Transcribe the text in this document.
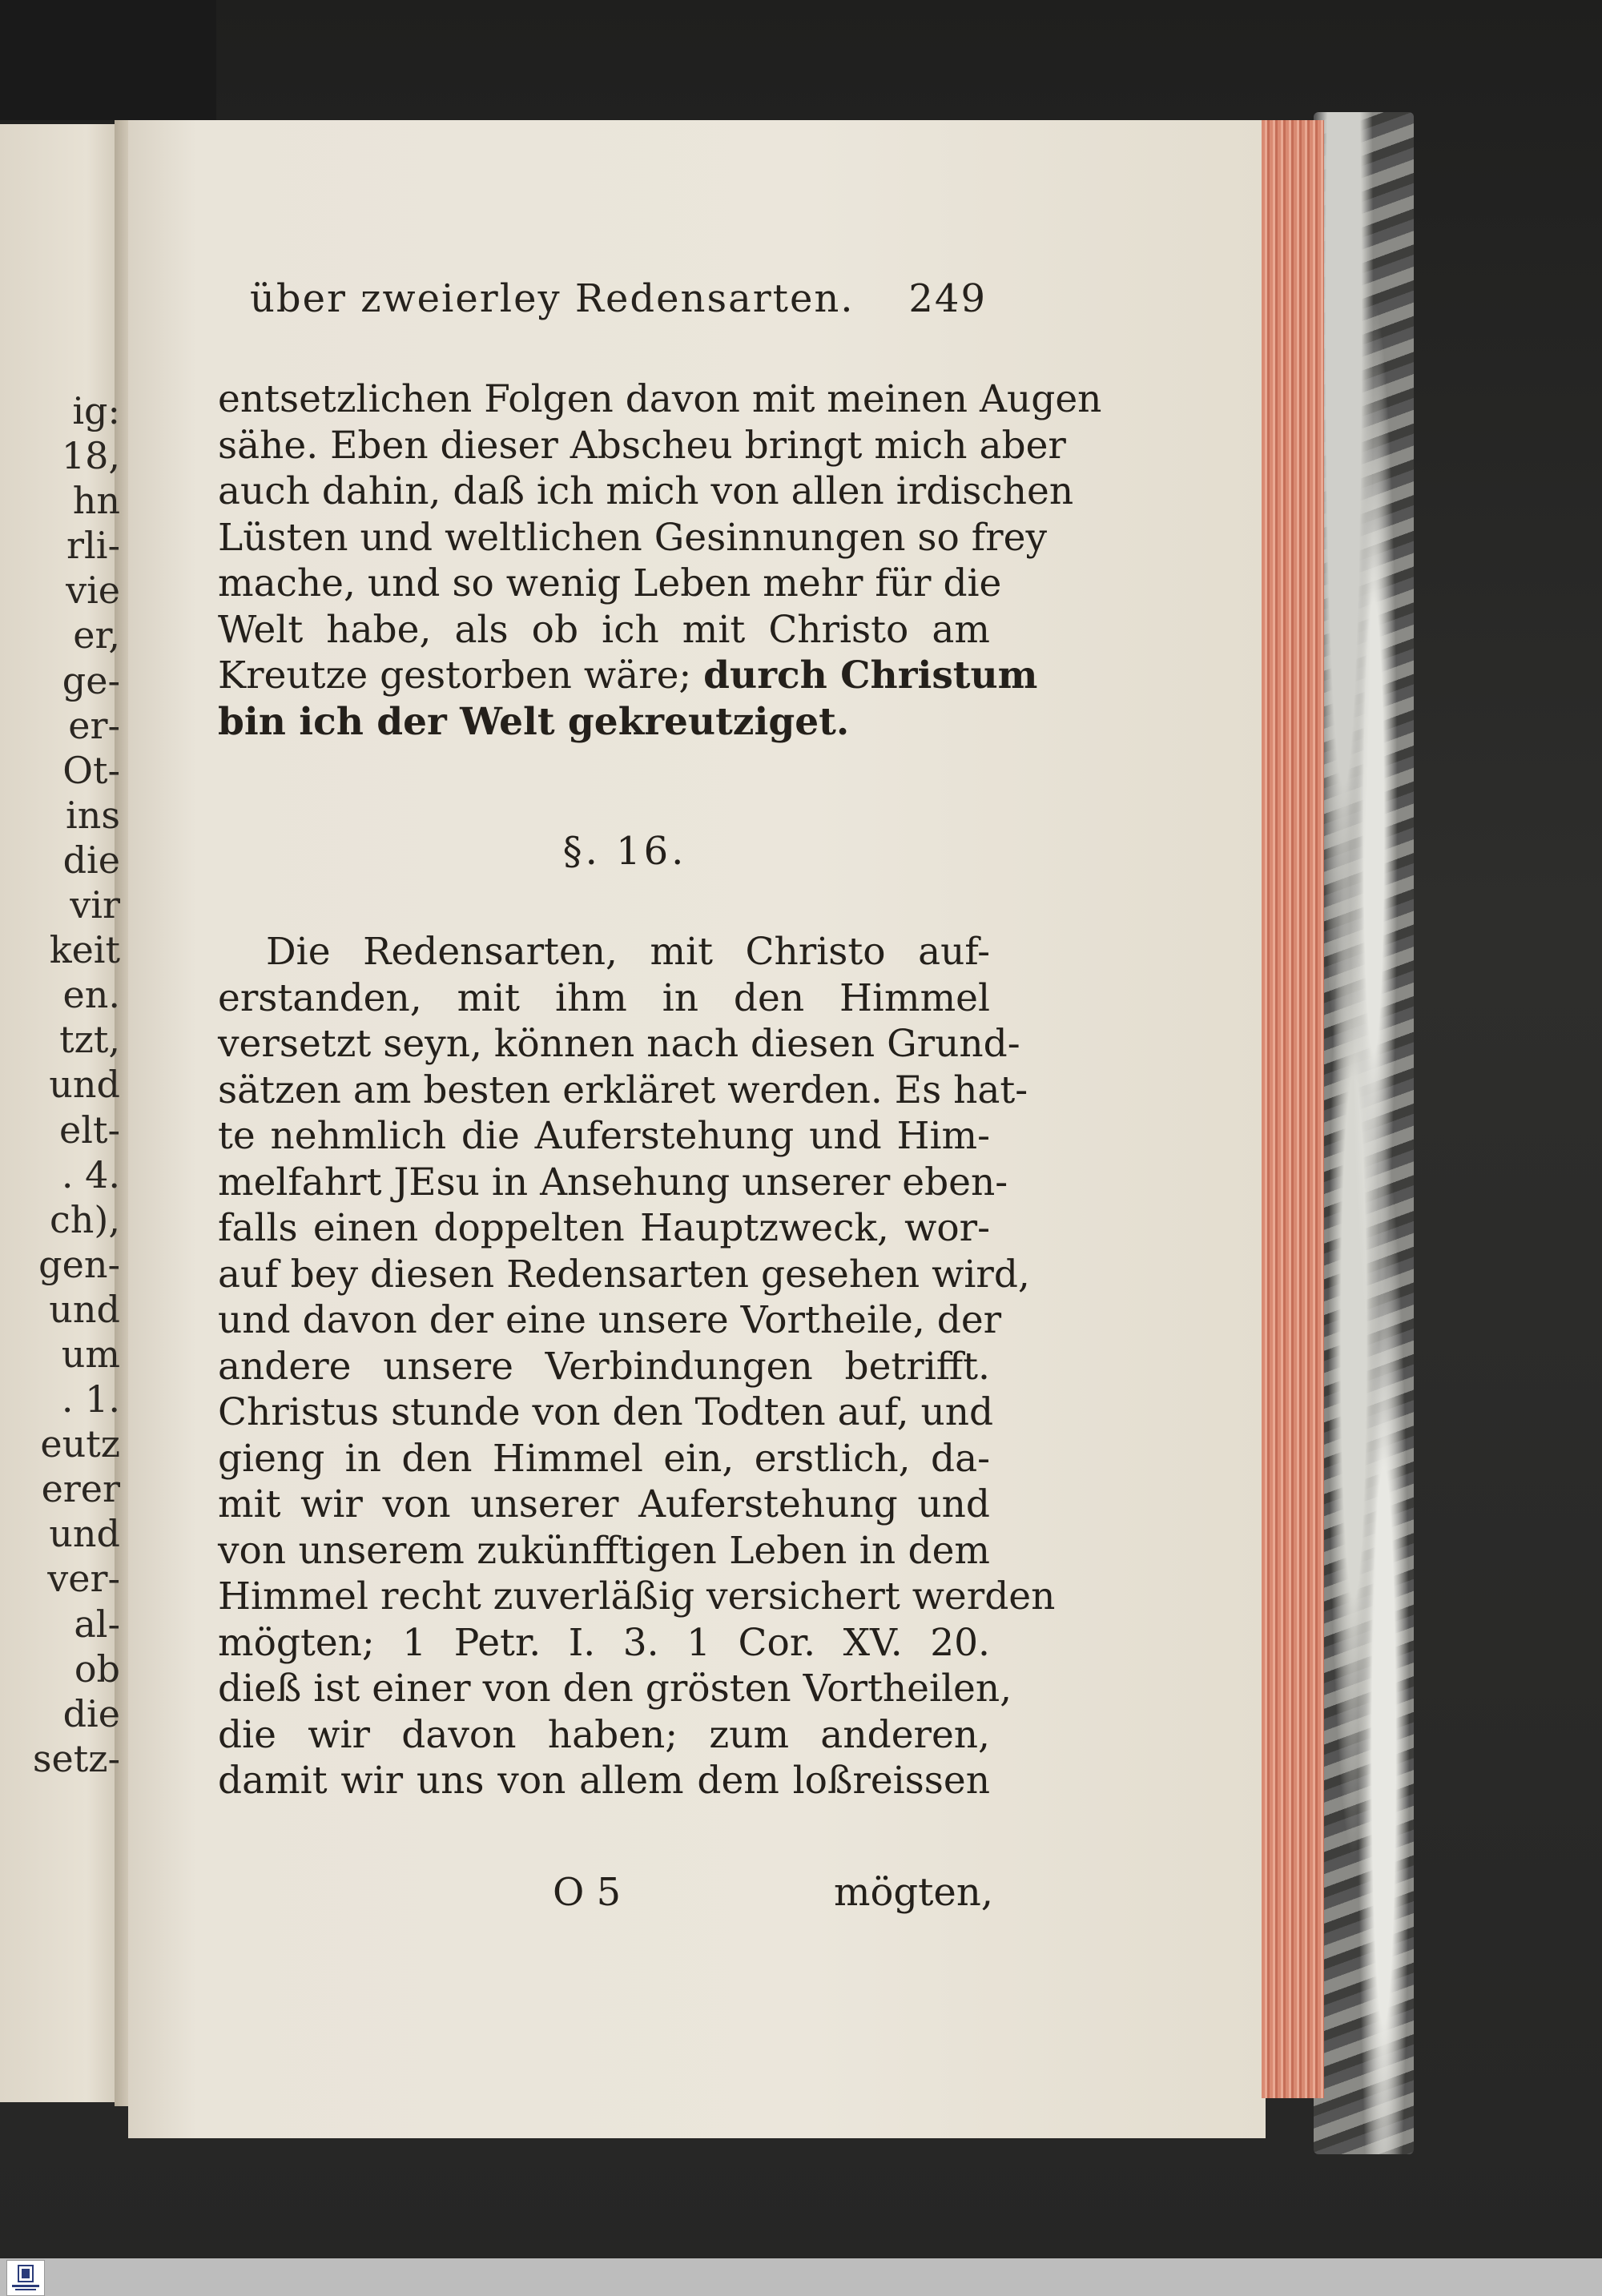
ig:
18,
hn
rli-
vie
er,
ge-
er-
Ot-
ins
die
vir
keit
en.
tzt,
und
elt-
. 4.
ch),
gen-
und
um
. 1.
eutz
erer
und
ver-
al-
ob
die
setz-
über zweierley Redensarten. 249
entsetzlichen Folgen davon mit meinen Augen
sähe. Eben dieser Abscheu bringt mich aber
auch dahin, daß ich mich von allen irdischen
Lüsten und weltlichen Gesinnungen so frey
mache, und so wenig Leben mehr für die
Welt habe, als ob ich mit Christo am
Kreutze gestorben wäre; durch Christum
bin ich der Welt gekreutziget.
§. 16.
Die Redensarten, mit Christo auf-
erstanden, mit ihm in den Himmel
versetzt seyn, können nach diesen Grund-
sätzen am besten erkläret werden. Es hat-
te nehmlich die Auferstehung und Him-
melfahrt JEsu in Ansehung unserer eben-
falls einen doppelten Hauptzweck, wor-
auf bey diesen Redensarten gesehen wird,
und davon der eine unsere Vortheile, der
andere unsere Verbindungen betrifft.
Christus stunde von den Todten auf, und
gieng in den Himmel ein, erstlich, da-
mit wir von unserer Auferstehung und
von unserem zukünfftigen Leben in dem
Himmel recht zuverläßig versichert werden
mögten; 1 Petr. I. 3. 1 Cor. XV. 20.
dieß ist einer von den grösten Vortheilen,
die wir davon haben; zum anderen,
damit wir uns von allem dem loßreissen
O 5	mögten,
